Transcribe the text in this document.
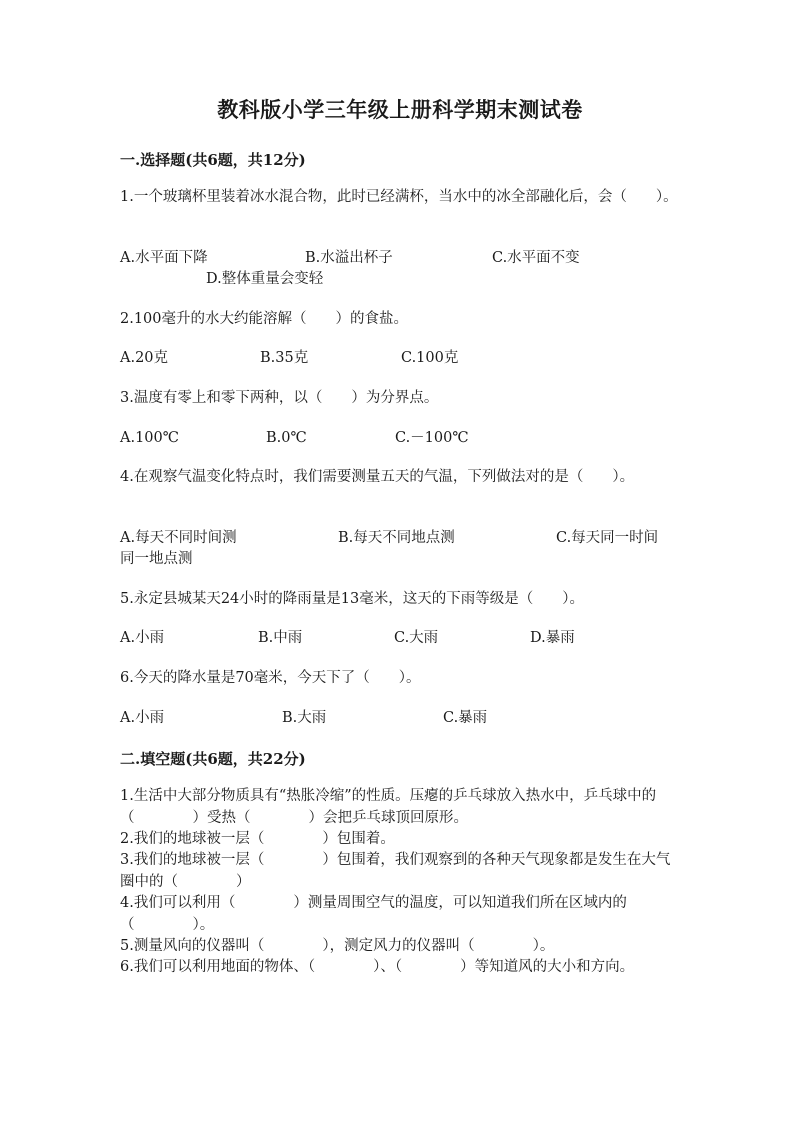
教科版小学三年级上册科学期末测试卷
一.选择题(共6题，共12分)
1.一个玻璃杯里装着冰水混合物，此时已经满杯，当水中的冰全部融化后，会（　　）。
A.水平面下降	B.水溢出杯子	C.水平面不变
D.整体重量会变轻
2.100毫升的水大约能溶解（　　）的食盐。
A.20克	B.35克	C.100克
3.温度有零上和零下两种，以（　　）为分界点。
A.100℃	B.0℃	C.－100℃
4.在观察气温变化特点时，我们需要测量五天的气温，下列做法对的是（　　）。
A.每天不同时间测	B.每天不同地点测	C.每天同一时间
同一地点测
5.永定县城某天24小时的降雨量是13毫米，这天的下雨等级是（　　）。
A.小雨	B.中雨	C.大雨	D.暴雨
6.今天的降水量是70毫米，今天下了（　　）。
A.小雨	B.大雨	C.暴雨
二.填空题(共6题，共22分)
1.生活中大部分物质具有“热胀冷缩”的性质。压瘪的乒乓球放入热水中，乒乓球中的（　　　　）受热（　　　　）会把乒乓球顶回原形。
2.我们的地球被一层（　　　　）包围着。
3.我们的地球被一层（　　　　）包围着，我们观察到的各种天气现象都是发生在大气圈中的（　　　　）
4.我们可以利用（　　　　）测量周围空气的温度，可以知道我们所在区域内的（　　　　）。
5.测量风向的仪器叫（　　　　），测定风力的仪器叫（　　　　）。
6.我们可以利用地面的物体、（　　　　）、（　　　　）等知道风的大小和方向。
